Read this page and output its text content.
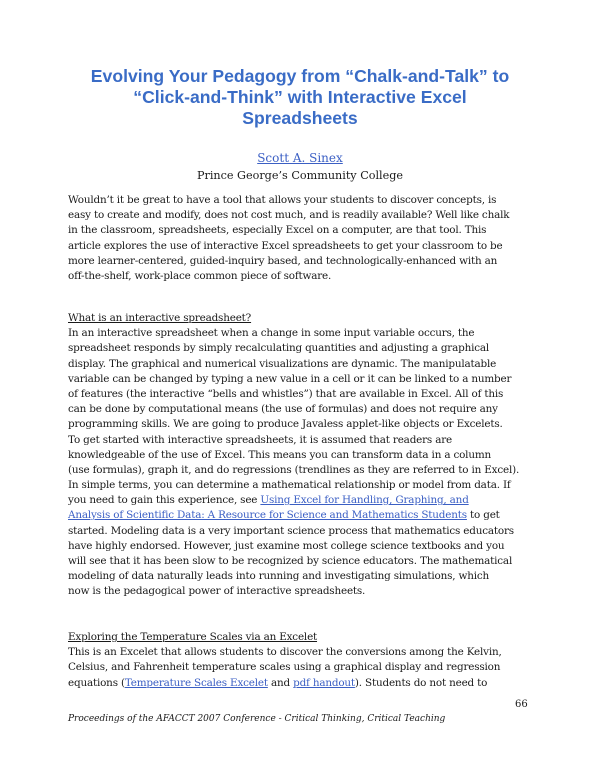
Evolving Your Pedagogy from “Chalk-and-Talk” to
“Click-and-Think” with Interactive Excel
Spreadsheets
Scott A. Sinex
Prince George’s Community College
Wouldn’t it be great to have a tool that allows your students to discover concepts, is
easy to create and modify, does not cost much, and is readily available? Well like chalk
in the classroom, spreadsheets, especially Excel on a computer, are that tool. This
article explores the use of interactive Excel spreadsheets to get your classroom to be
more learner-centered, guided-inquiry based, and technologically-enhanced with an
off-the-shelf, work-place common piece of software.
What is an interactive spreadsheet?
In an interactive spreadsheet when a change in some input variable occurs, the
spreadsheet responds by simply recalculating quantities and adjusting a graphical
display. The graphical and numerical visualizations are dynamic. The manipulatable
variable can be changed by typing a new value in a cell or it can be linked to a number
of features (the interactive “bells and whistles”) that are available in Excel. All of this
can be done by computational means (the use of formulas) and does not require any
programming skills. We are going to produce Javaless applet-like objects or Excelets.
To get started with interactive spreadsheets, it is assumed that readers are
knowledgeable of the use of Excel. This means you can transform data in a column
(use formulas), graph it, and do regressions (trendlines as they are referred to in Excel).
In simple terms, you can determine a mathematical relationship or model from data. If
you need to gain this experience, see Using Excel for Handling, Graphing, and
Analysis of Scientific Data: A Resource for Science and Mathematics Students to get
started. Modeling data is a very important science process that mathematics educators
have highly endorsed. However, just examine most college science textbooks and you
will see that it has been slow to be recognized by science educators. The mathematical
modeling of data naturally leads into running and investigating simulations, which
now is the pedagogical power of interactive spreadsheets.
Exploring the Temperature Scales via an Excelet
This is an Excelet that allows students to discover the conversions among the Kelvin,
Celsius, and Fahrenheit temperature scales using a graphical display and regression
equations (Temperature Scales Excelet and pdf handout). Students do not need to
66
Proceedings of the AFACCT 2007 Conference - Critical Thinking, Critical Teaching
